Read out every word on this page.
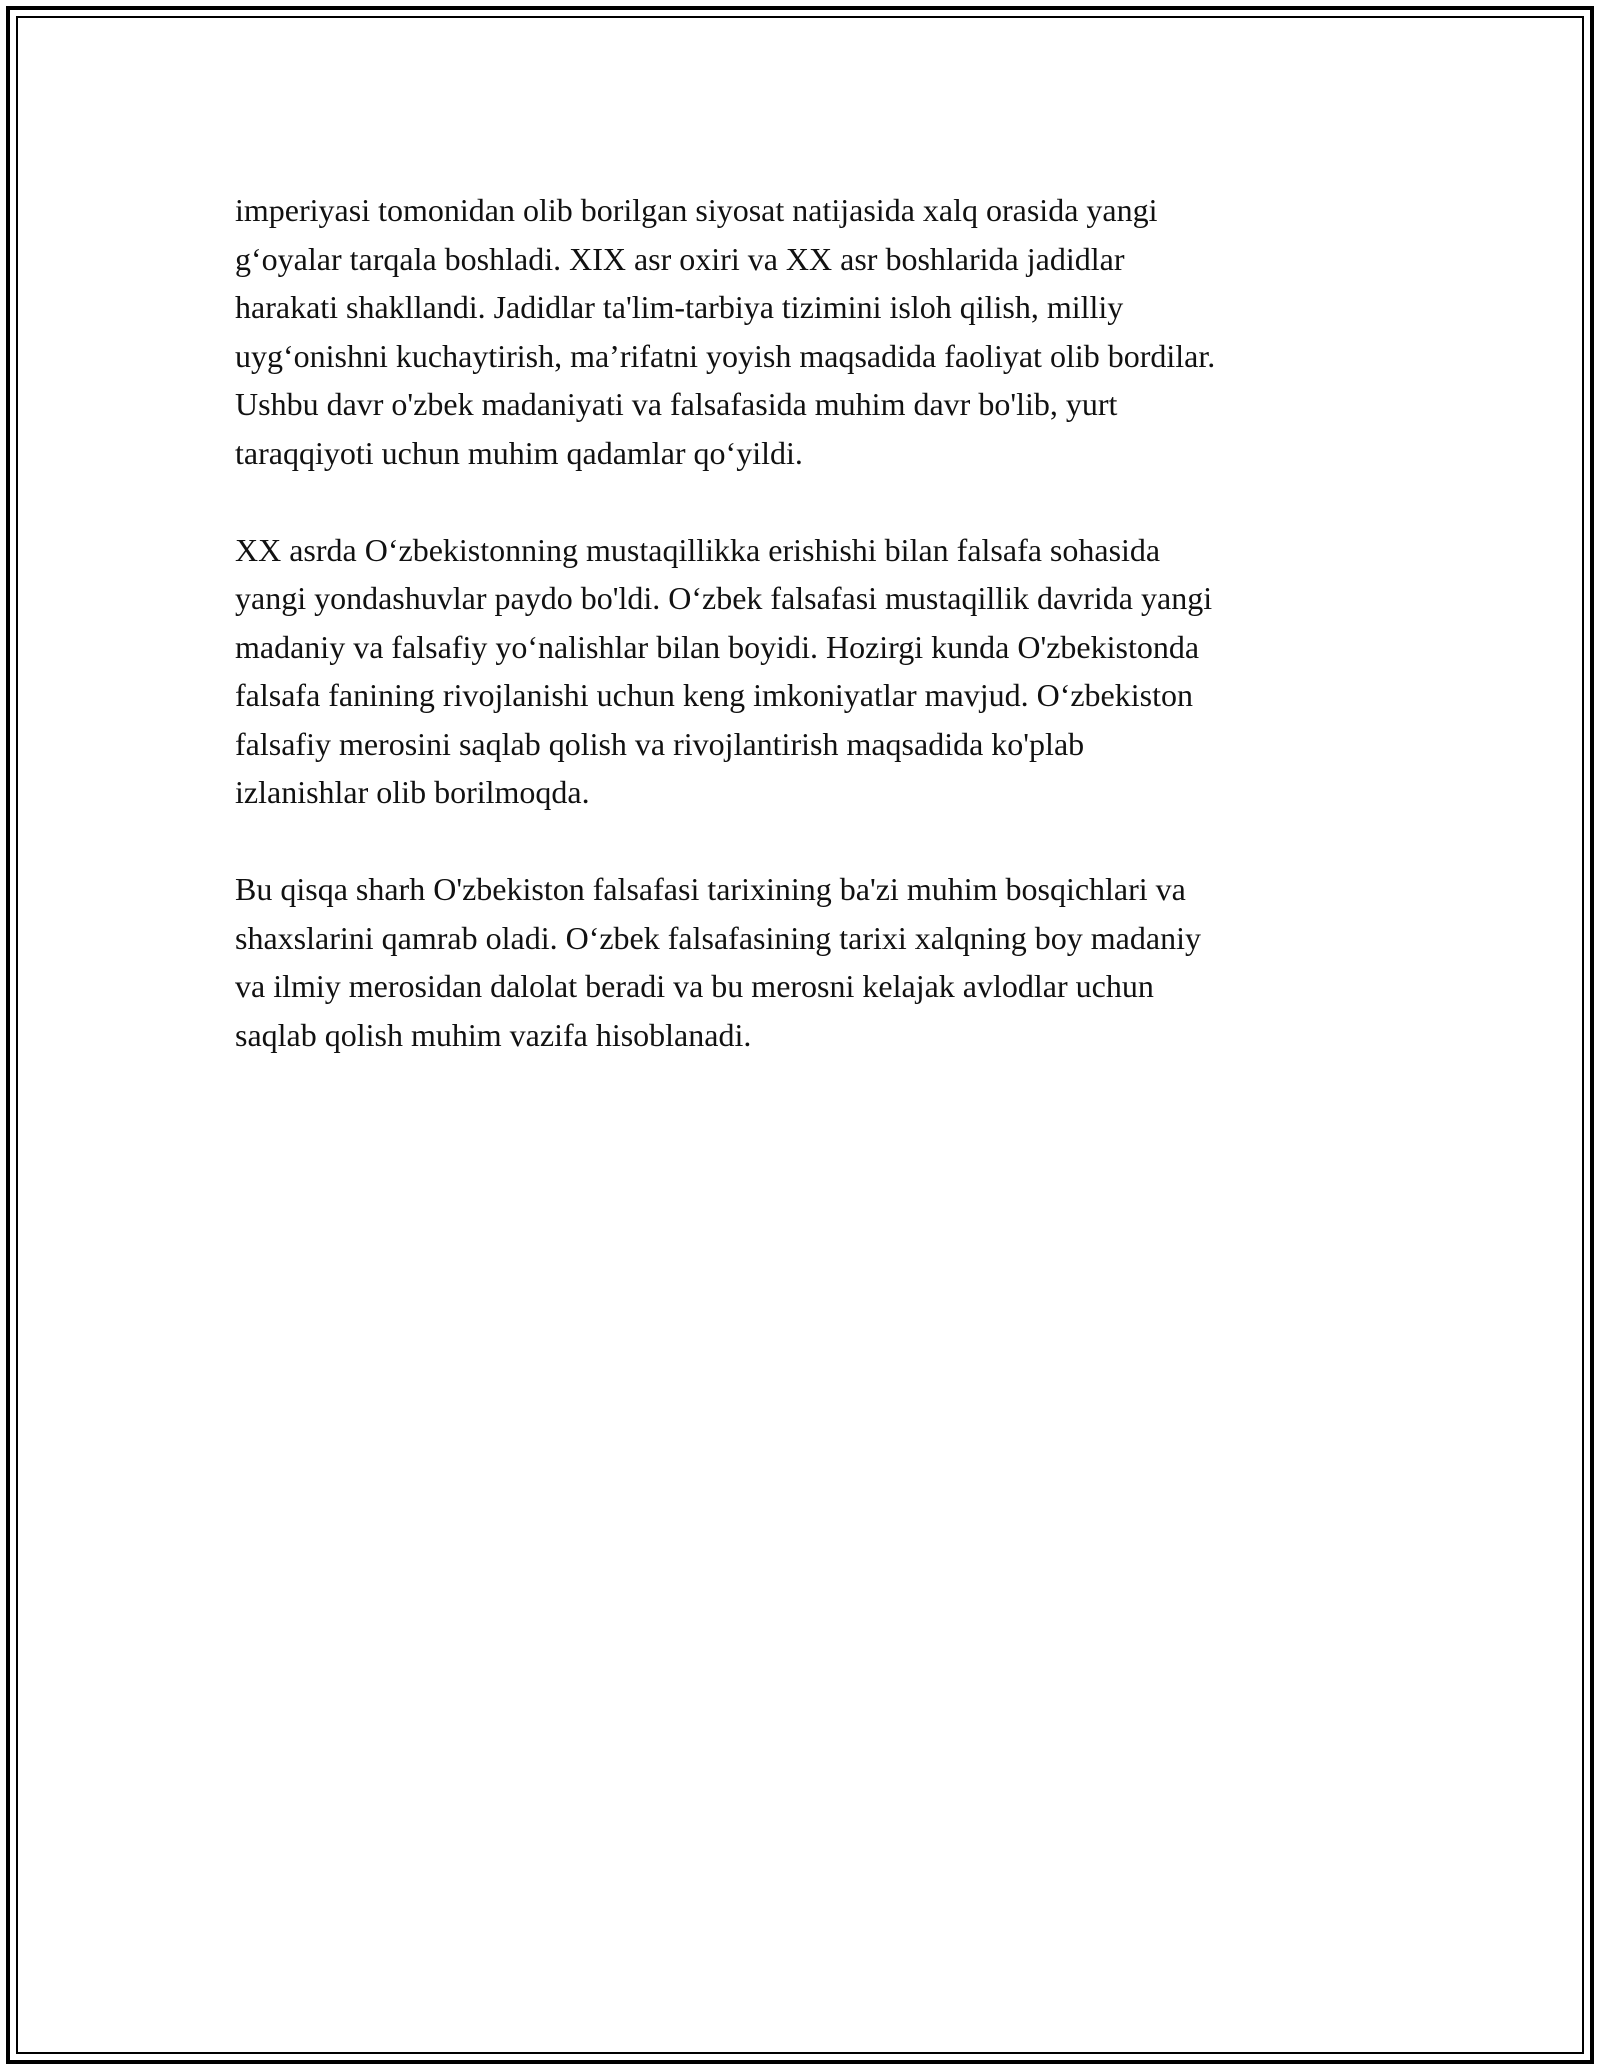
imperiyasi tomonidan olib borilgan siyosat natijasida xalq orasida yangi
g‘oyalar tarqala boshladi. XIX asr oxiri va XX asr boshlarida jadidlar
harakati shakllandi. Jadidlar ta'lim-tarbiya tizimini isloh qilish, milliy
uyg‘onishni kuchaytirish, ma’rifatni yoyish maqsadida faoliyat olib bordilar.
Ushbu davr o'zbek madaniyati va falsafasida muhim davr bo'lib, yurt
taraqqiyoti uchun muhim qadamlar qo‘yildi.

XX asrda O‘zbekistonning mustaqillikka erishishi bilan falsafa sohasida
yangi yondashuvlar paydo bo'ldi. O‘zbek falsafasi mustaqillik davrida yangi
madaniy va falsafiy yo‘nalishlar bilan boyidi. Hozirgi kunda O'zbekistonda
falsafa fanining rivojlanishi uchun keng imkoniyatlar mavjud. O‘zbekiston
falsafiy merosini saqlab qolish va rivojlantirish maqsadida ko'plab
izlanishlar olib borilmoqda.

Bu qisqa sharh O'zbekiston falsafasi tarixining ba'zi muhim bosqichlari va
shaxslarini qamrab oladi. O‘zbek falsafasining tarixi xalqning boy madaniy
va ilmiy merosidan dalolat beradi va bu merosni kelajak avlodlar uchun
saqlab qolish muhim vazifa hisoblanadi.
